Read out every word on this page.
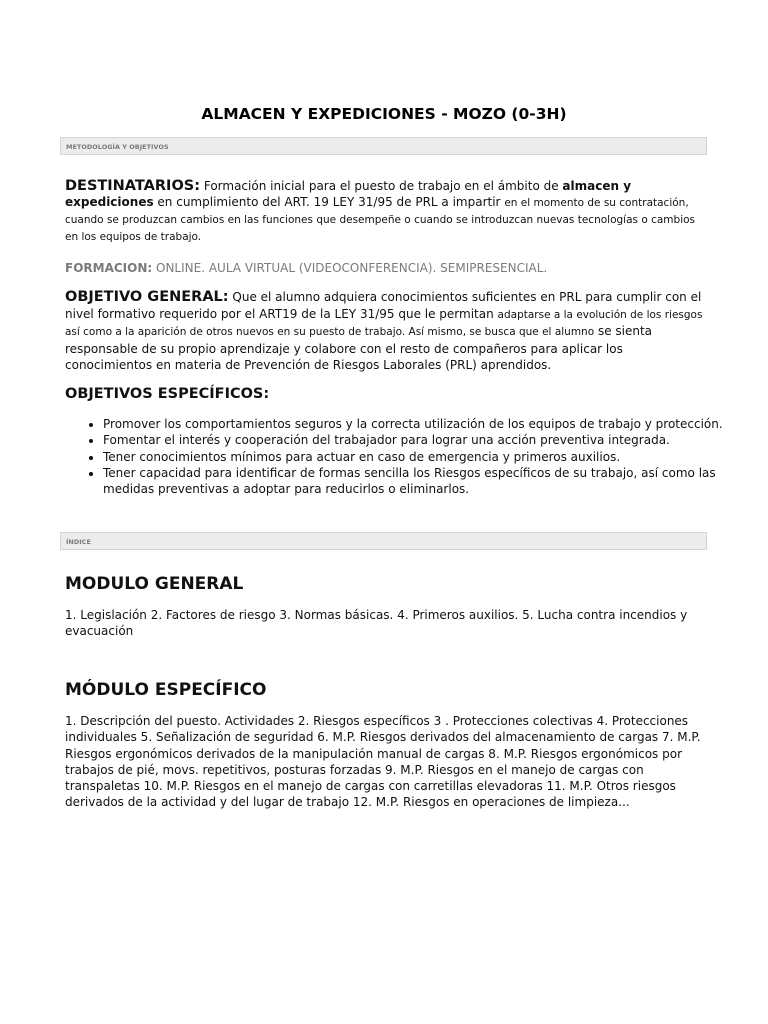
ALMACEN Y EXPEDICIONES - MOZO (0-3H)
METODOLOGÍA Y OBJETIVOS
DESTINATARIOS: Formación inicial para el puesto de trabajo en el ámbito de almacen y expediciones en cumplimiento del ART. 19 LEY 31/95 de PRL a impartir en el momento de su contratación, cuando se produzcan cambios en las funciones que desempeñe o cuando se introduzcan nuevas tecnologías o cambios en los equipos de trabajo.
FORMACION: ONLINE. AULA VIRTUAL (VIDEOCONFERENCIA). SEMIPRESENCIAL.
OBJETIVO GENERAL: Que el alumno adquiera conocimientos suficientes en PRL para cumplir con el nivel formativo requerido por el ART19 de la LEY 31/95 que le permitan adaptarse a la evolución de los riesgos así como a la aparición de otros nuevos en su puesto de trabajo. Así mismo, se busca que el alumno se sienta responsable de su propio aprendizaje y colabore con el resto de compañeros para aplicar los conocimientos en materia de Prevención de Riesgos Laborales (PRL) aprendidos.
OBJETIVOS ESPECÍFICOS:
• Promover los comportamientos seguros y la correcta utilización de los equipos de trabajo y protección.
• Fomentar el interés y cooperación del trabajador para lograr una acción preventiva integrada.
• Tener conocimientos mínimos para actuar en caso de emergencia y primeros auxilios.
• Tener capacidad para identificar de formas sencilla los Riesgos específicos de su trabajo, así como las medidas preventivas a adoptar para reducirlos o eliminarlos.
ÍNDICE
MODULO GENERAL
1. Legislación 2. Factores de riesgo 3. Normas básicas. 4. Primeros auxilios. 5. Lucha contra incendios y evacuación
MÓDULO ESPECÍFICO
1. Descripción del puesto. Actividades 2. Riesgos específicos 3 . Protecciones colectivas 4. Protecciones individuales 5. Señalización de seguridad 6. M.P. Riesgos derivados del almacenamiento de cargas 7. M.P. Riesgos ergonómicos derivados de la manipulación manual de cargas 8. M.P. Riesgos ergonómicos por trabajos de pié, movs. repetitivos, posturas forzadas 9. M.P. Riesgos en el manejo de cargas con transpaletas 10. M.P. Riesgos en el manejo de cargas con carretillas elevadoras 11. M.P. Otros riesgos derivados de la actividad y del lugar de trabajo 12. M.P. Riesgos en operaciones de limpieza...
